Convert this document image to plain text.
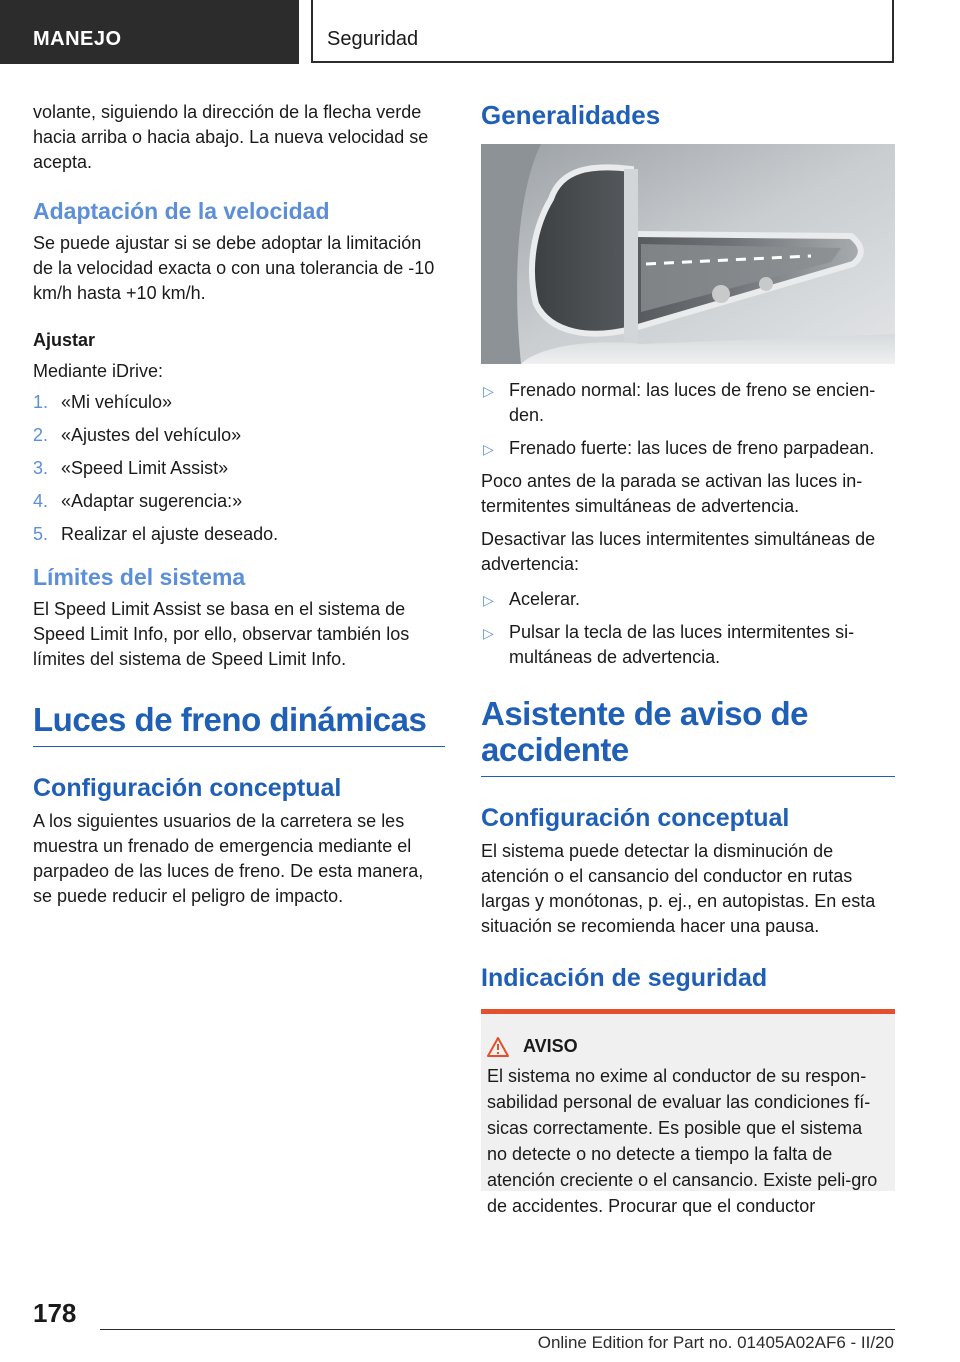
MANEJO	Seguridad

volante, siguiendo la dirección de la flecha verde hacia arriba o hacia abajo. La nueva velocidad se acepta.

Adaptación de la velocidad

Se puede ajustar si se debe adoptar la limitación de la velocidad exacta o con una tolerancia de -10 km/h hasta +10 km/h.

Ajustar

Mediante iDrive:

1. «Mi vehículo»
2. «Ajustes del vehículo»
3. «Speed Limit Assist»
4. «Adaptar sugerencia:»
5. Realizar el ajuste deseado.
Límites del sistema

El Speed Limit Assist se basa en el sistema de Speed Limit Info, por ello, observar también los límites del sistema de Speed Limit Info.

Luces de freno dinámicas
Configuración conceptual

A los siguientes usuarios de la carretera se les muestra un frenado de emergencia mediante el parpadeo de las luces de freno. De esta manera, se puede reducir el peligro de impacto.

Generalidades
▷ Frenado normal: las luces de freno se encien-den.
▷ Frenado fuerte: las luces de freno parpadean.

Poco antes de la parada se activan las luces in-termitentes simultáneas de advertencia.

Desactivar las luces intermitentes simultáneas de advertencia:

▷ Acelerar.
▷ Pulsar la tecla de las luces intermitentes si-multáneas de advertencia.
Asistente de aviso de accidente
Configuración conceptual

El sistema puede detectar la disminución de atención o el cansancio del conductor en rutas largas y monótonas, p. ej., en autopistas. En esta situación se recomienda hacer una pausa.

Indicación de seguridad
AVISO

El sistema no exime al conductor de su respon-sabilidad personal de evaluar las condiciones fí-sicas correctamente. Es posible que el sistema no detecte o no detecte a tiempo la falta de atención creciente o el cansancio. Existe peli-gro de accidentes. Procurar que el conductor

178
Online Edition for Part no. 01405A02AF6 - II/20
